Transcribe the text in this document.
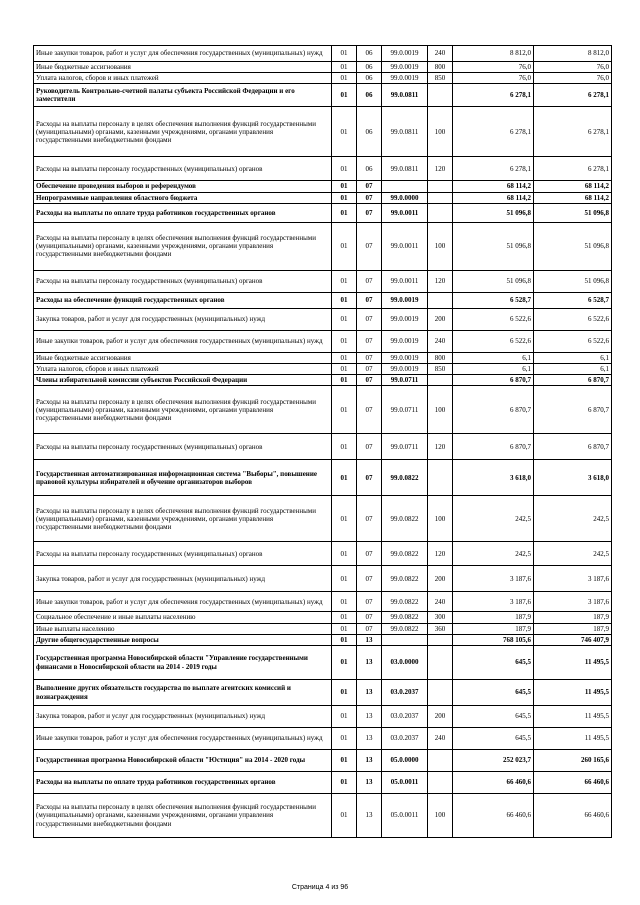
Иные закупки товаров, работ и услуг для обеспечения государственных (муниципальных) нужд	01	06	99.0.0019	240	8 812,0	8 812,0
Иные бюджетные ассигнования	01	06	99.0.0019	800	76,0	76,0
Уплата налогов, сборов и иных платежей	01	06	99.0.0019	850	76,0	76,0
Руководитель Контрольно-счетной палаты субъекта Российской Федерации и его заместители	01	06	99.0.0811		6 278,1	6 278,1
Расходы на выплаты персоналу в целях обеспечения выполнения функций государственными (муниципальными) органами, казенными учреждениями, органами управления государственными внебюджетными фондами	01	06	99.0.0811	100	6 278,1	6 278,1
Расходы на выплаты персоналу государственных (муниципальных) органов	01	06	99.0.0811	120	6 278,1	6 278,1
Обеспечение проведения выборов и референдумов	01	07			68 114,2	68 114,2
Непрограммные направления областного бюджета	01	07	99.0.0000		68 114,2	68 114,2
Расходы на выплаты по оплате труда работников государственных органов	01	07	99.0.0011		51 096,8	51 096,8
Расходы на выплаты персоналу в целях обеспечения выполнения функций государственными (муниципальными) органами, казенными учреждениями, органами управления государственными внебюджетными фондами	01	07	99.0.0011	100	51 096,8	51 096,8
Расходы на выплаты персоналу государственных (муниципальных) органов	01	07	99.0.0011	120	51 096,8	51 096,8
Расходы на обеспечение функций государственных органов	01	07	99.0.0019		6 528,7	6 528,7
Закупка товаров, работ и услуг для государственных (муниципальных) нужд	01	07	99.0.0019	200	6 522,6	6 522,6
Иные закупки товаров, работ и услуг для обеспечения государственных (муниципальных) нужд	01	07	99.0.0019	240	6 522,6	6 522,6
Иные бюджетные ассигнования	01	07	99.0.0019	800	6,1	6,1
Уплата налогов, сборов и иных платежей	01	07	99.0.0019	850	6,1	6,1
Члены избирательной комиссии субъектов Российской Федерации	01	07	99.0.0711		6 870,7	6 870,7
Расходы на выплаты персоналу в целях обеспечения выполнения функций государственными (муниципальными) органами, казенными учреждениями, органами управления государственными внебюджетными фондами	01	07	99.0.0711	100	6 870,7	6 870,7
Расходы на выплаты персоналу государственных (муниципальных) органов	01	07	99.0.0711	120	6 870,7	6 870,7
Государственная автоматизированная информационная система "Выборы", повышение правовой культуры избирателей и обучение организаторов выборов	01	07	99.0.0822		3 618,0	3 618,0
Расходы на выплаты персоналу в целях обеспечения выполнения функций государственными (муниципальными) органами, казенными учреждениями, органами управления государственными внебюджетными фондами	01	07	99.0.0822	100	242,5	242,5
Расходы на выплаты персоналу государственных (муниципальных) органов	01	07	99.0.0822	120	242,5	242,5
Закупка товаров, работ и услуг для государственных (муниципальных) нужд	01	07	99.0.0822	200	3 187,6	3 187,6
Иные закупки товаров, работ и услуг для обеспечения государственных (муниципальных) нужд	01	07	99.0.0822	240	3 187,6	3 187,6
Социальное обеспечение и иные выплаты населению	01	07	99.0.0822	300	187,9	187,9
Иные выплаты населению	01	07	99.0.0822	360	187,9	187,9
Другие общегосударственные вопросы	01	13			768 105,6	746 407,9
Государственная программа Новосибирской области "Управление государственными финансами в Новосибирской области на 2014 - 2019 годы	01	13	03.0.0000		645,5	11 495,5
Выполнение других обязательств государства по выплате агентских комиссий и вознаграждения	01	13	03.0.2037		645,5	11 495,5
Закупка товаров, работ и услуг для государственных (муниципальных) нужд	01	13	03.0.2037	200	645,5	11 495,5
Иные закупки товаров, работ и услуг для обеспечения государственных (муниципальных) нужд	01	13	03.0.2037	240	645,5	11 495,5
Государственная программа Новосибирской области "Юстиция" на 2014 - 2020 годы	01	13	05.0.0000		252 023,7	260 165,6
Расходы на выплаты по оплате труда работников государственных органов	01	13	05.0.0011		66 460,6	66 460,6
Расходы на выплаты персоналу в целях обеспечения выполнения функций государственными (муниципальными) органами, казенными учреждениями, органами управления государственными внебюджетными фондами	01	13	05.0.0011	100	66 460,6	66 460,6
Страница 4 из 96
